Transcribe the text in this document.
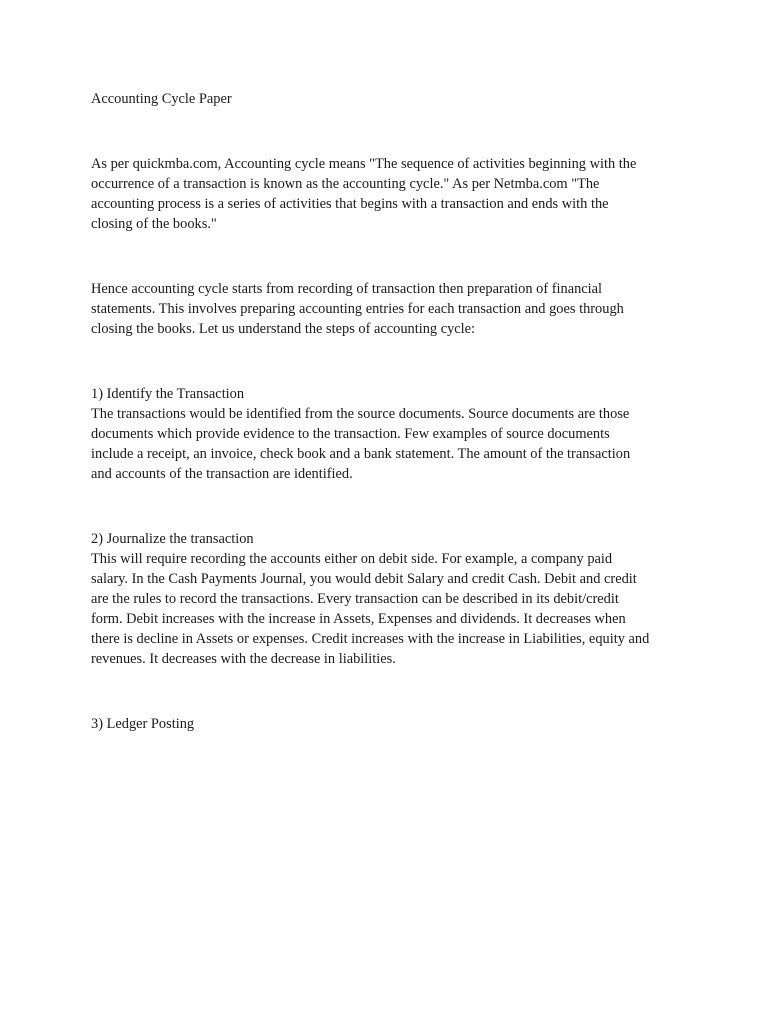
Accounting Cycle Paper
As per quickmba.com, Accounting cycle means "The sequence of activities beginning with the
occurrence of a transaction is known as the accounting cycle." As per Netmba.com "The
accounting process is a series of activities that begins with a transaction and ends with the
closing of the books."
Hence accounting cycle starts from recording of transaction then preparation of financial
statements. This involves preparing accounting entries for each transaction and goes through
closing the books. Let us understand the steps of accounting cycle:
1) Identify the Transaction
The transactions would be identified from the source documents. Source documents are those
documents which provide evidence to the transaction. Few examples of source documents
include a receipt, an invoice, check book and a bank statement. The amount of the transaction
and accounts of the transaction are identified.
2) Journalize the transaction
This will require recording the accounts either on debit side. For example, a company paid
salary. In the Cash Payments Journal, you would debit Salary and credit Cash. Debit and credit
are the rules to record the transactions. Every transaction can be described in its debit/credit
form. Debit increases with the increase in Assets, Expenses and dividends. It decreases when
there is decline in Assets or expenses. Credit increases with the increase in Liabilities, equity and
revenues. It decreases with the decrease in liabilities.
3) Ledger Posting
